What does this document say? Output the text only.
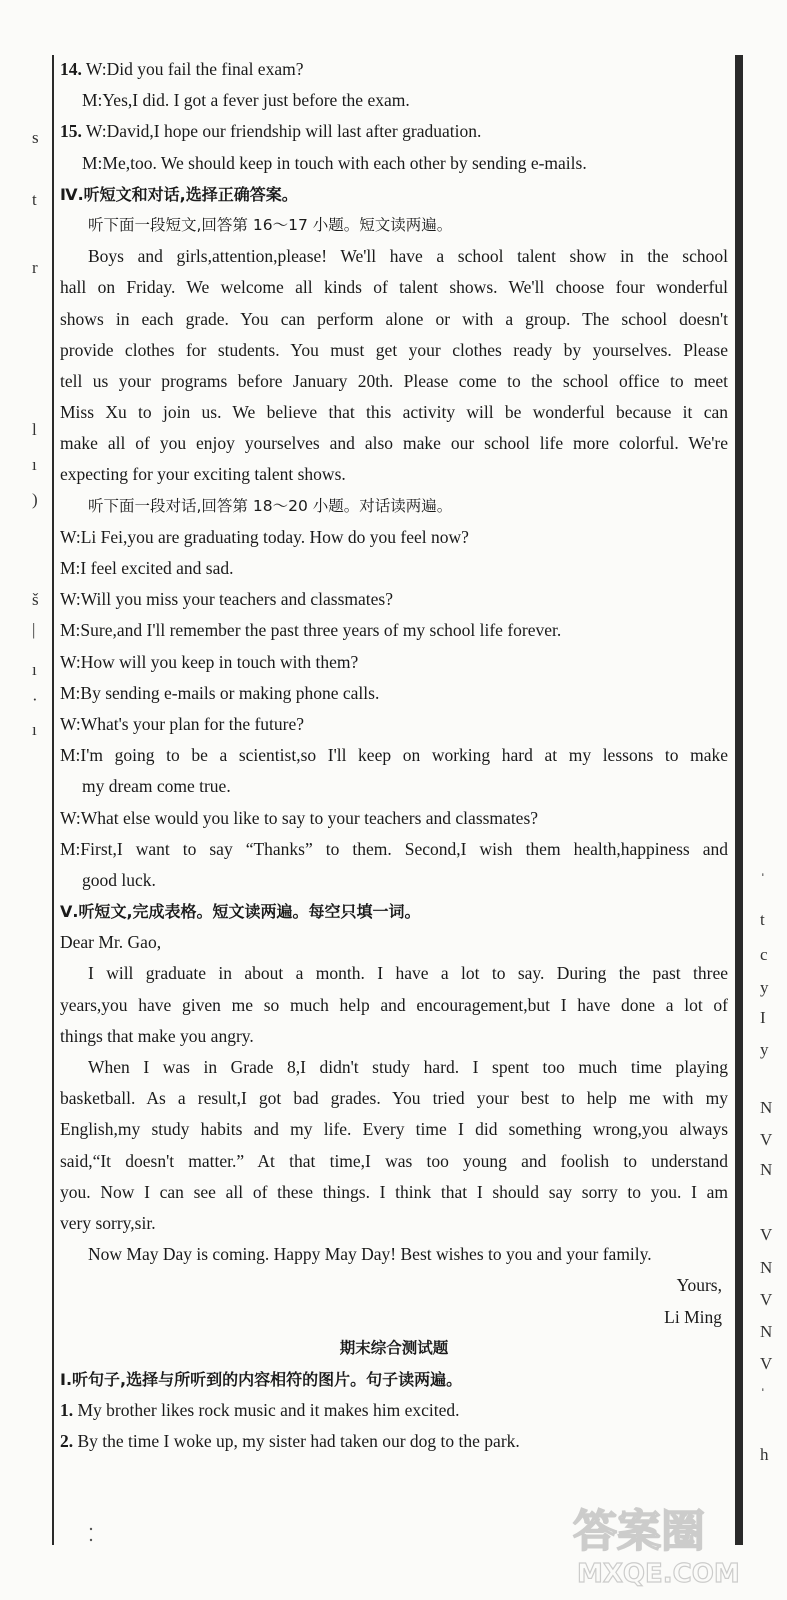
s
t
r
l
ı
)
š
|
ı
·
ı
ˈ
t
c
y
I
y
N
V
N
V
N
V
N
V
ˈ
h
14. W:Did you fail the final exam?
M:Yes,I did. I got a fever just before the exam.
15. W:David,I hope our friendship will last after graduation.
M:Me,too. We should keep in touch with each other by sending e-mails.
Ⅳ.听短文和对话,选择正确答案。
听下面一段短文,回答第 16～17 小题。短文读两遍。
Boys and girls,attention,please! We'll have a school talent show in the school
hall on Friday. We welcome all kinds of talent shows. We'll choose four wonderful
shows in each grade. You can perform alone or with a group. The school doesn't
provide clothes for students. You must get your clothes ready by yourselves. Please
tell us your programs before January 20th. Please come to the school office to meet
Miss Xu to join us. We believe that this activity will be wonderful because it can
make all of you enjoy yourselves and also make our school life more colorful. We're
expecting for your exciting talent shows.
听下面一段对话,回答第 18～20 小题。对话读两遍。
W:Li Fei,you are graduating today. How do you feel now?
M:I feel excited and sad.
W:Will you miss your teachers and classmates?
M:Sure,and I'll remember the past three years of my school life forever.
W:How will you keep in touch with them?
M:By sending e-mails or making phone calls.
W:What's your plan for the future?
M:I'm going to be a scientist,so I'll keep on working hard at my lessons to make
my dream come true.
W:What else would you like to say to your teachers and classmates?
M:First,I want to say “Thanks” to them. Second,I wish them health,happiness and
good luck.
Ⅴ.听短文,完成表格。短文读两遍。每空只填一词。
Dear Mr. Gao,
I will graduate in about a month. I have a lot to say. During the past three
years,you have given me so much help and encouragement,but I have done a lot of
things that make you angry.
When I was in Grade 8,I didn't study hard. I spent too much time playing
basketball. As a result,I got bad grades. You tried your best to help me with my
English,my study habits and my life. Every time I did something wrong,you always
said,“It doesn't matter.” At that time,I was too young and foolish to understand
you. Now I can see all of these things. I think that I should say sorry to you. I am
very sorry,sir.
Now May Day is coming. Happy May Day! Best wishes to you and your family.
Yours,
Li Ming
期末综合测试题
Ⅰ.听句子,选择与所听到的内容相符的图片。句子读两遍。
1. My brother likes rock music and it makes him excited.
2. By the time I woke up, my sister had taken our dog to the park.
答案圈
MXQE.COM
